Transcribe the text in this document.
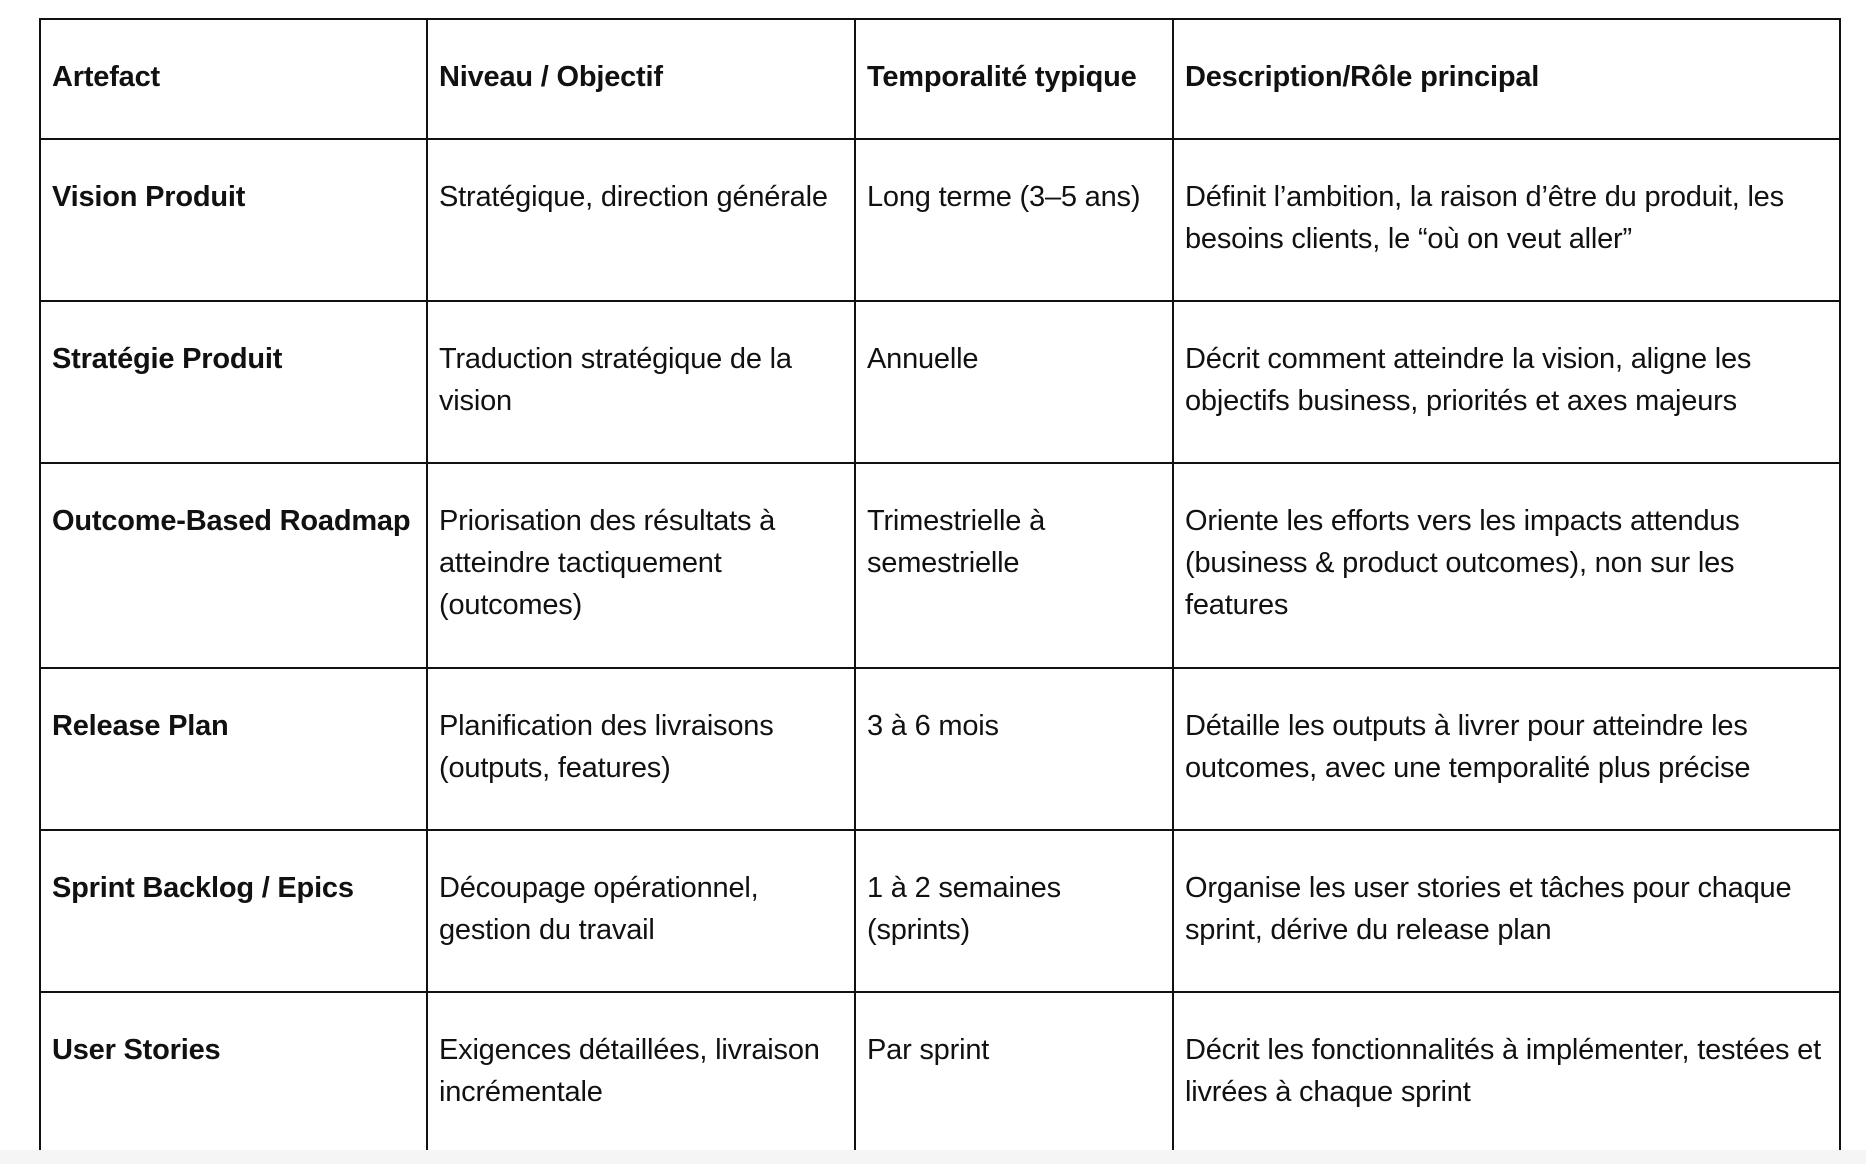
Artefact	Niveau / Objectif	Temporalité typique	Description/Rôle principal
Vision Produit	Stratégique, direction générale	Long terme (3–5 ans)	Définit l’ambition, la raison d’être du produit, les besoins clients, le “où on veut aller”
Stratégie Produit	Traduction stratégique de la vision	Annuelle	Décrit comment atteindre la vision, aligne les objectifs business, priorités et axes majeurs
Outcome-Based Roadmap	Priorisation des résultats à atteindre tactiquement (outcomes)	Trimestrielle à semestrielle	Oriente les efforts vers les impacts attendus (business & product outcomes), non sur les features
Release Plan	Planification des livraisons (outputs, features)	3 à 6 mois	Détaille les outputs à livrer pour atteindre les outcomes, avec une temporalité plus précise
Sprint Backlog / Epics	Découpage opérationnel, gestion du travail	1 à 2 semaines (sprints)	Organise les user stories et tâches pour chaque sprint, dérive du release plan
User Stories	Exigences détaillées, livraison incrémentale	Par sprint	Décrit les fonctionnalités à implémenter, testées et livrées à chaque sprint
